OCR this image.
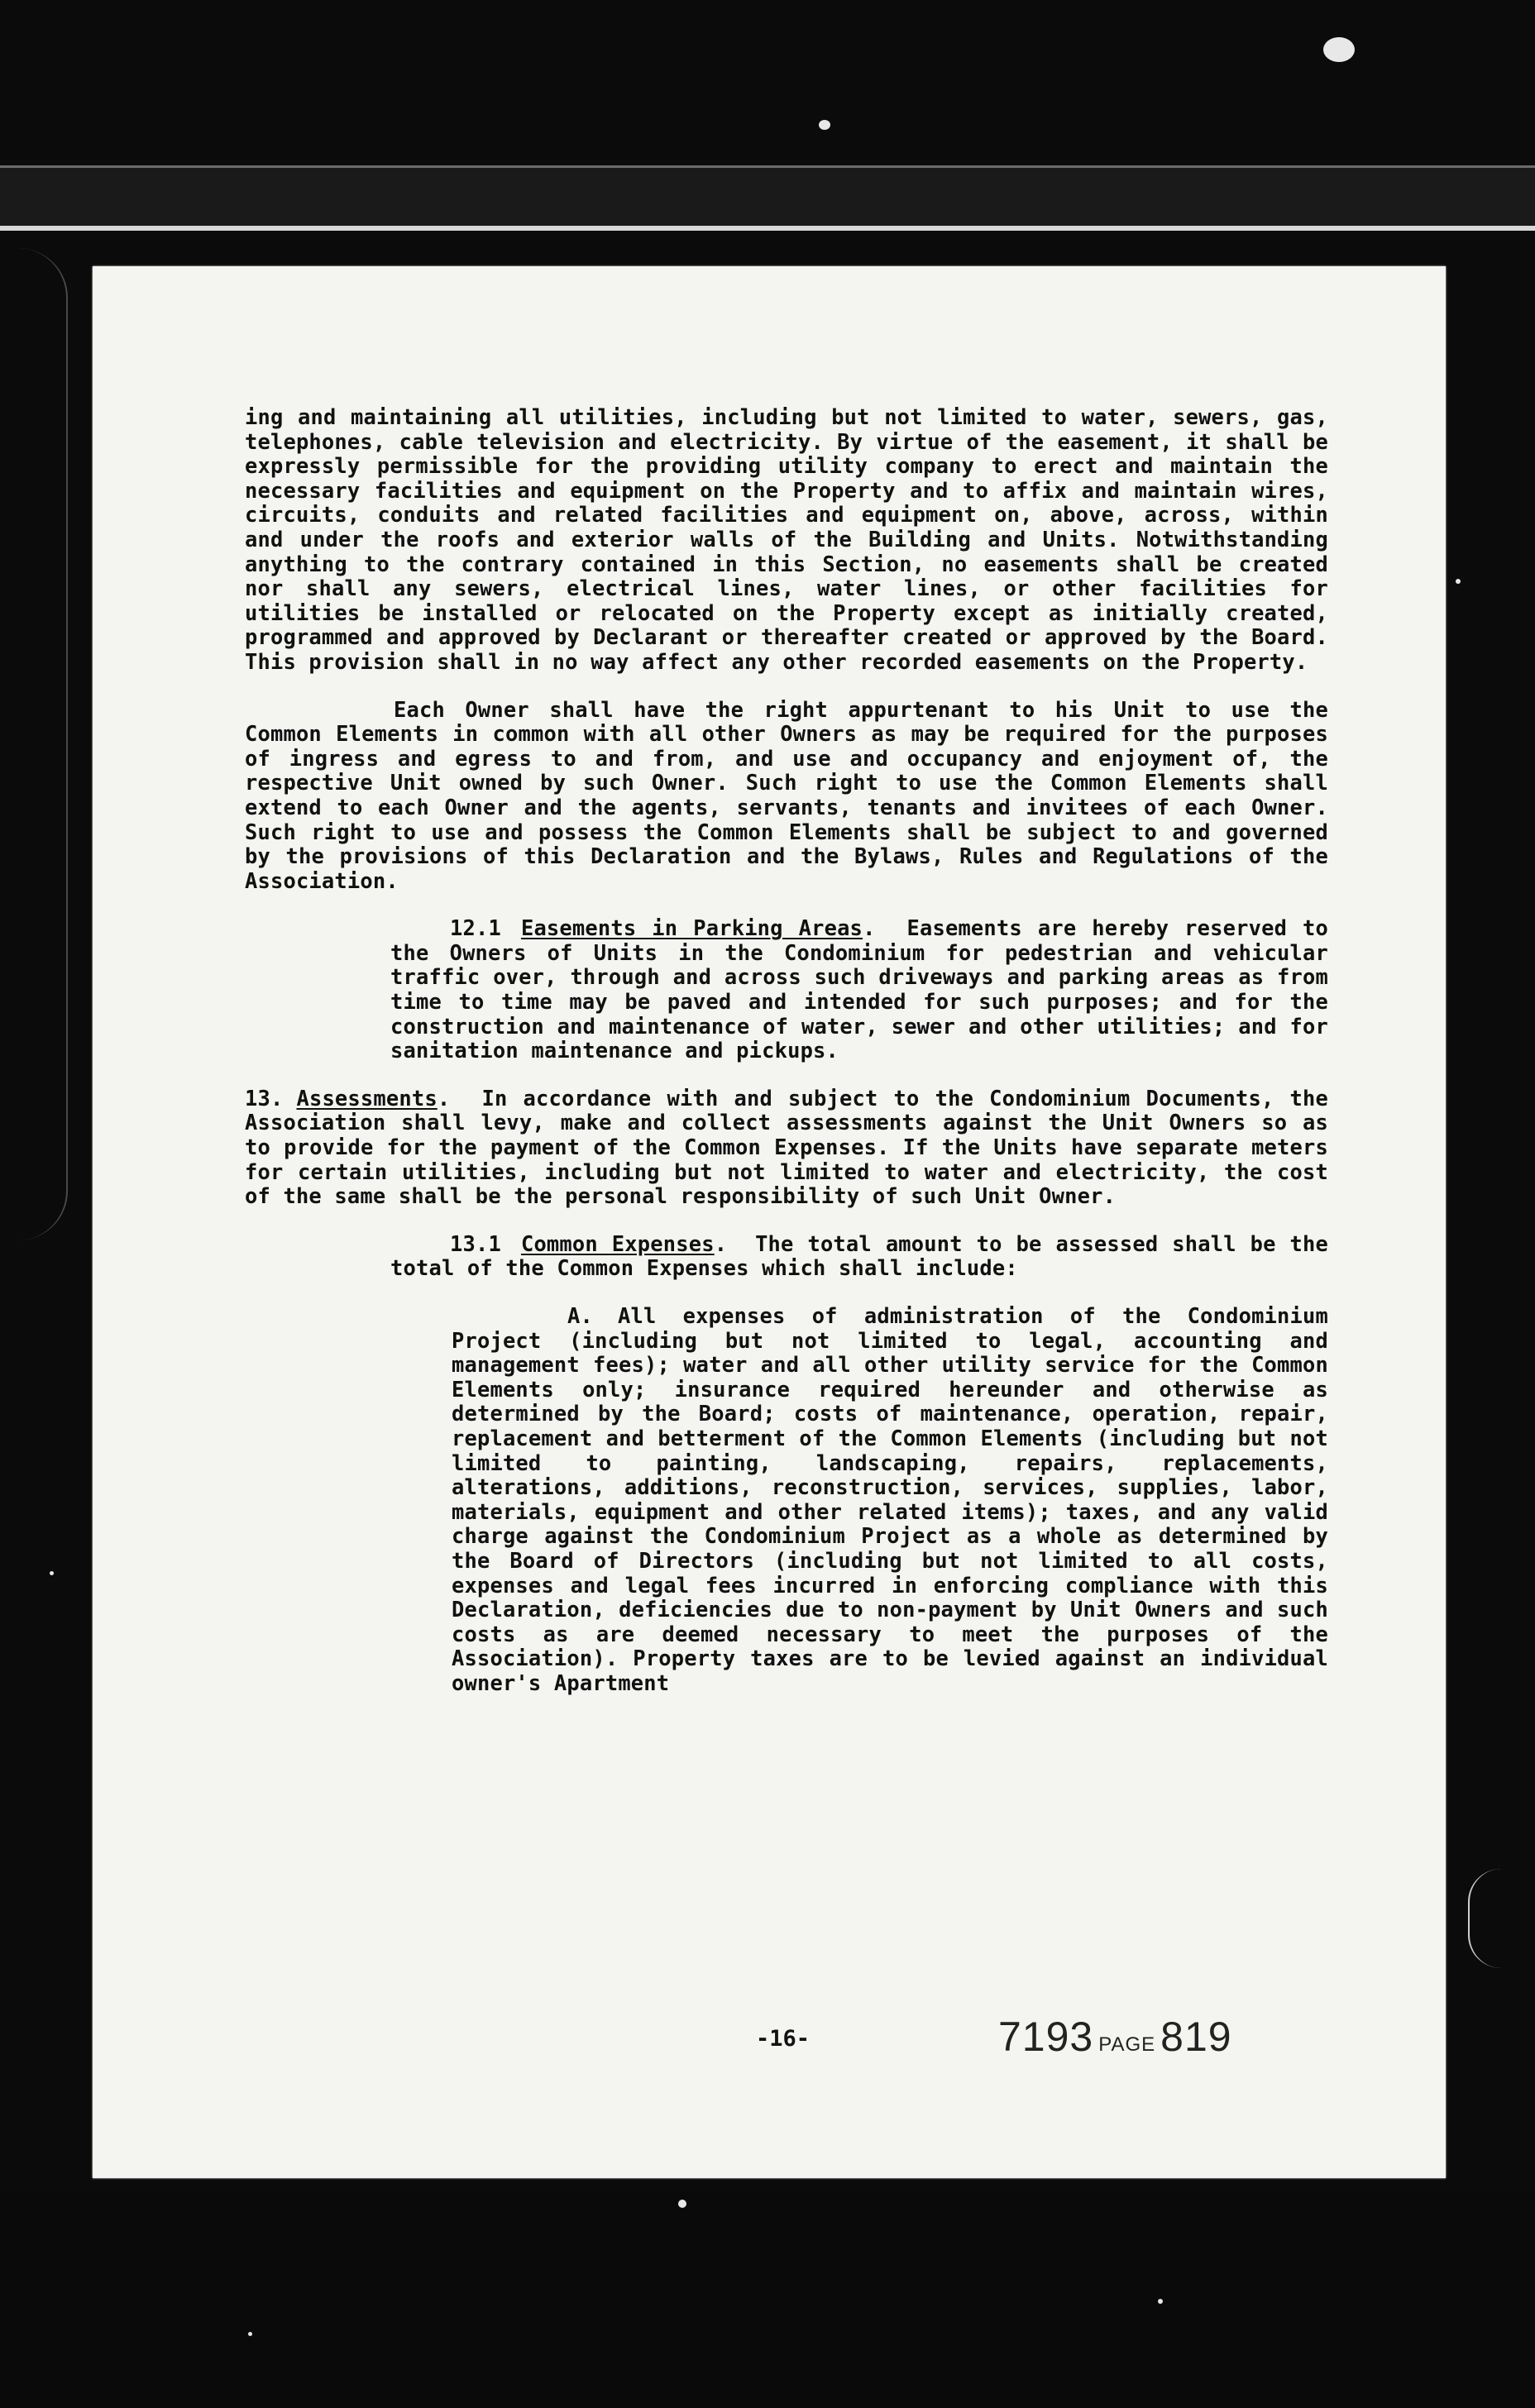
ing and maintaining all utilities, including but not limited to water, sewers, gas, telephones, cable television and electricity. By virtue of the easement, it shall be expressly permissible for the providing utility company to erect and maintain the necessary facilities and equipment on the Property and to affix and maintain wires, circuits, conduits and related facilities and equipment on, above, across, within and under the roofs and exterior walls of the Building and Units. Notwithstanding anything to the contrary contained in this Section, no easements shall be created nor shall any sewers, electrical lines, water lines, or other facilities for utilities be installed or relocated on the Property except as initially created, programmed and approved by Declarant or thereafter created or approved by the Board. This provision shall in no way affect any other recorded easements on the Property.

Each Owner shall have the right appurtenant to his Unit to use the Common Elements in common with all other Owners as may be required for the purposes of ingress and egress to and from, and use and occupancy and enjoyment of, the respective Unit owned by such Owner. Such right to use the Common Elements shall extend to each Owner and the agents, servants, tenants and invitees of each Owner. Such right to use and possess the Common Elements shall be subject to and governed by the provisions of this Declaration and the Bylaws, Rules and Regulations of the Association.

12.1 Easements in Parking Areas.  Easements are hereby reserved to the Owners of Units in the Condominium for pedestrian and vehicular traffic over, through and across such driveways and parking areas as from time to time may be paved and intended for such purposes; and for the construction and maintenance of water, sewer and other utilities; and for sanitation maintenance and pickups.

13. Assessments.  In accordance with and subject to the Condominium Documents, the Association shall levy, make and collect assessments against the Unit Owners so as to provide for the payment of the Common Expenses. If the Units have separate meters for certain utilities, including but not limited to water and electricity, the cost of the same shall be the personal responsibility of such Unit Owner.

13.1 Common Expenses.  The total amount to be assessed shall be the total of the Common Expenses which shall include:

A. All expenses of administration of the Condominium Project (including but not limited to legal, accounting and management fees); water and all other utility service for the Common Elements only; insurance required hereunder and otherwise as determined by the Board; costs of maintenance, operation, repair, replacement and betterment of the Common Elements (including but not limited to painting, landscaping, repairs, replacements, alterations, additions, reconstruction, services, supplies, labor, materials, equipment and other related items); taxes, and any valid charge against the Condominium Project as a whole as determined by the Board of Directors (including but not limited to all costs, expenses and legal fees incurred in enforcing compliance with this Declaration, deficiencies due to non-payment by Unit Owners and such costs as are deemed necessary to meet the purposes of the Association). Property taxes are to be levied against an individual owner's Apartment

-16-	7193 PAGE 819
